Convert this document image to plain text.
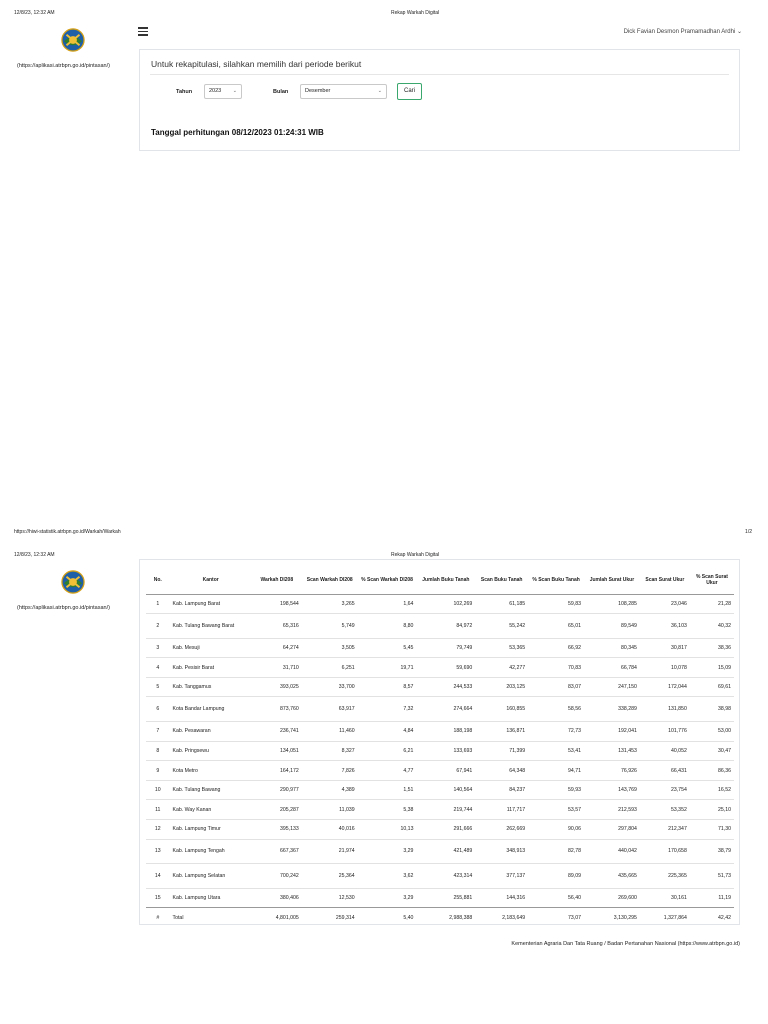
12/8/23, 12:32 AM	Rekap Warkah Digital
(https://aplikasi.atrbpn.go.id/pintasan/)
Dick Favian Desmon Pramamadhan Ardhi ⌄
Untuk rekapitulasi, silahkan memilih dari periode berikut
Tahun	2023 ⌄	Bulan	Desember	⌄	Cari
Tanggal perhitungan 08/12/2023 01:24:31 WIB
https://hiwi-statistik.atrbpn.go.id/Warkah/Warkah	1/2
12/8/23, 12:32 AM	Rekap Warkah Digital
(https://aplikasi.atrbpn.go.id/pintasan/)
No.	Kantor	Warkah DI208	Scan Warkah DI208	% Scan Warkah DI208	Jumlah Buku Tanah	Scan Buku Tanah	% Scan Buku Tanah	Jumlah Surat Ukur	Scan Surat Ukur	% Scan Surat Ukur
1	Kab. Lampung Barat	198,544	3,265	1,64	102,269	61,185	59,83	108,285	23,046	21,28
2	Kab. Tulang Bawang Barat	65,316	5,749	8,80	84,972	55,242	65,01	89,549	36,103	40,32
3	Kab. Mesuji	64,274	3,505	5,45	79,749	53,365	66,92	80,345	30,817	38,36
4	Kab. Pesisir Barat	31,710	6,251	19,71	59,690	42,277	70,83	66,784	10,078	15,09
5	Kab. Tanggamus	393,025	33,700	8,57	244,533	203,125	83,07	247,150	172,044	69,61
6	Kota Bandar Lampung	873,760	63,917	7,32	274,664	160,855	58,56	338,289	131,850	38,98
7	Kab. Pesawaran	236,741	11,460	4,84	188,198	136,871	72,73	192,041	101,776	53,00
8	Kab. Pringsewu	134,051	8,327	6,21	133,693	71,399	53,41	131,453	40,052	30,47
9	Kota Metro	164,172	7,826	4,77	67,941	64,348	94,71	76,926	66,431	86,36
10	Kab. Tulang Bawang	290,977	4,389	1,51	140,564	84,237	59,93	143,769	23,754	16,52
11	Kab. Way Kanan	205,287	11,039	5,38	219,744	117,717	53,57	212,593	53,352	25,10
12	Kab. Lampung Timur	395,133	40,016	10,13	291,666	262,669	90,06	297,804	212,347	71,30
13	Kab. Lampung Tengah	667,367	21,974	3,29	421,489	348,913	82,78	440,042	170,658	38,79
14	Kab. Lampung Selatan	700,242	25,364	3,62	423,314	377,137	89,09	435,665	225,365	51,73
15	Kab. Lampung Utara	380,406	12,530	3,29	255,881	144,316	56,40	269,600	30,161	11,19
#	Total	4,801,005	259,314	5,40	2,988,388	2,183,649	73,07	3,130,295	1,327,864	42,42
Kementerian Agraria Dan Tata Ruang / Badan Pertanahan Nasional (https://www.atrbpn.go.id)
